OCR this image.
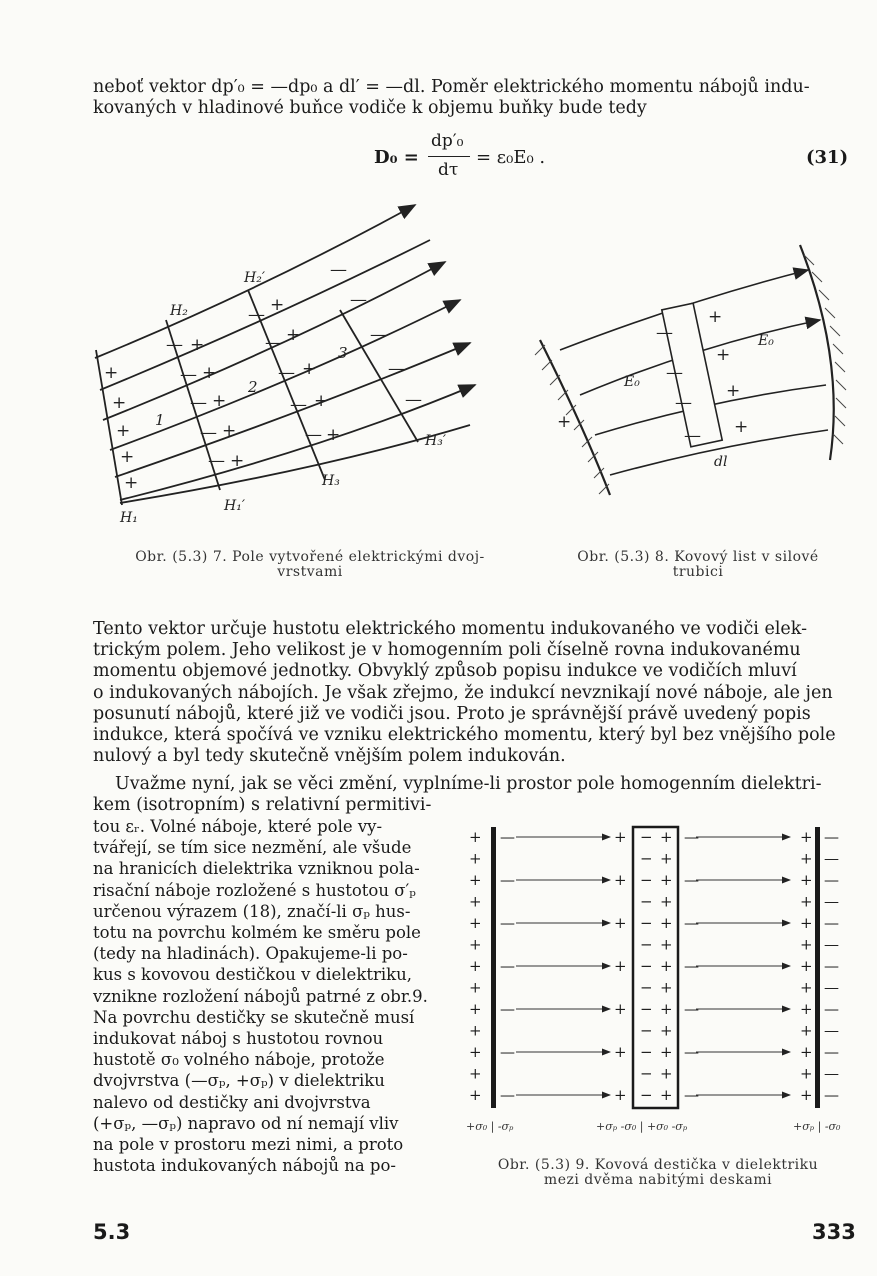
neboť vektor dp′₀ = —dp₀ a dl′ = —dl. Poměr elektrického momentu nábojů indu-
kovaných v hladinové buňce vodiče k objemu buňky bude tedy
D₀ =
dp′₀
dτ
= ε₀E₀ .	(31)
+
+
+
+
+
— +
— +
— +
— +
— +
— +
— +
— +
— +
— +
—
—
—
—
—
H₂′
H₂
H₃′
H₃
H₁′
H₁
1
2
3
Obr. (5.3) 7. Pole vytvořené elektrickými dvoj-
vrstvami
+
—
—
—
—
+
+
+
+
E₀
E₀
dl
Obr. (5.3) 8. Kovový list v silové
trubici
Tento vektor určuje hustotu elektrického momentu indukovaného ve vodiči elek-
trickým polem. Jeho velikost je v homogenním poli číselně rovna indukovanému
momentu objemové jednotky. Obvyklý způsob popisu indukce ve vodičích mluví
o indukovaných nábojích. Je však zřejmo, že indukcí nevznikají nové náboje, ale jen
posunutí nábojů, které již ve vodiči jsou. Proto je správnější právě uvedený popis
indukce, která spočívá ve vzniku elektrického momentu, který byl bez vnějšího pole
nulový a byl tedy skutečně vnějším polem indukován.
Uvažme nyní, jak se věci změní, vyplníme-li prostor pole homogenním dielektri-
kem (isotropním) s relativní permitivi-
tou εᵣ. Volné náboje, které pole vy-
tvářejí, se tím sice nezmění, ale všude
na hranicích dielektrika vzniknou pola-
risační náboje rozložené s hustotou σ′ₚ
určenou výrazem (18), značí-li σₚ hus-
totu na povrchu kolmém ke směru pole
(tedy na hladinách). Opakujeme-li po-
kus s kovovou destičkou v dielektriku,
vznikne rozložení nábojů patrné z obr.9.
Na povrchu destičky se skutečně musí
indukovat náboj s hustotou rovnou
hustotě σ₀ volného náboje, protože
dvojvrstva (—σₚ, +σₚ) v dielektriku
nalevo od destičky ani dvojvrstva
(+σₚ, —σₚ) napravo od ní nemají vliv
na pole v prostoru mezi nimi, a proto
hustota indukovaných nábojů na po-
+	+
− +	—
—	+	—
+	+
− +	—
+	+
− +	—
—	+	—
+	+
− +	—
+	+
− +	—
—	+	—
+	+
− +	—
+	+
− +	—
—	+	—
+	+
− +	—
+	+
− +	—
—	+	—
+	+
− +	—
+	+
− +	—
—	+	—
+	+
− +	—
+	+
− +	—
—	+	—
+σ₀ | -σₚ	+σₚ -σ₀ | +σ₀ -σₚ	+σₚ | -σ₀
Obr. (5.3) 9. Kovová destička v dielektriku
mezi dvěma nabitými deskami
5.3	333
